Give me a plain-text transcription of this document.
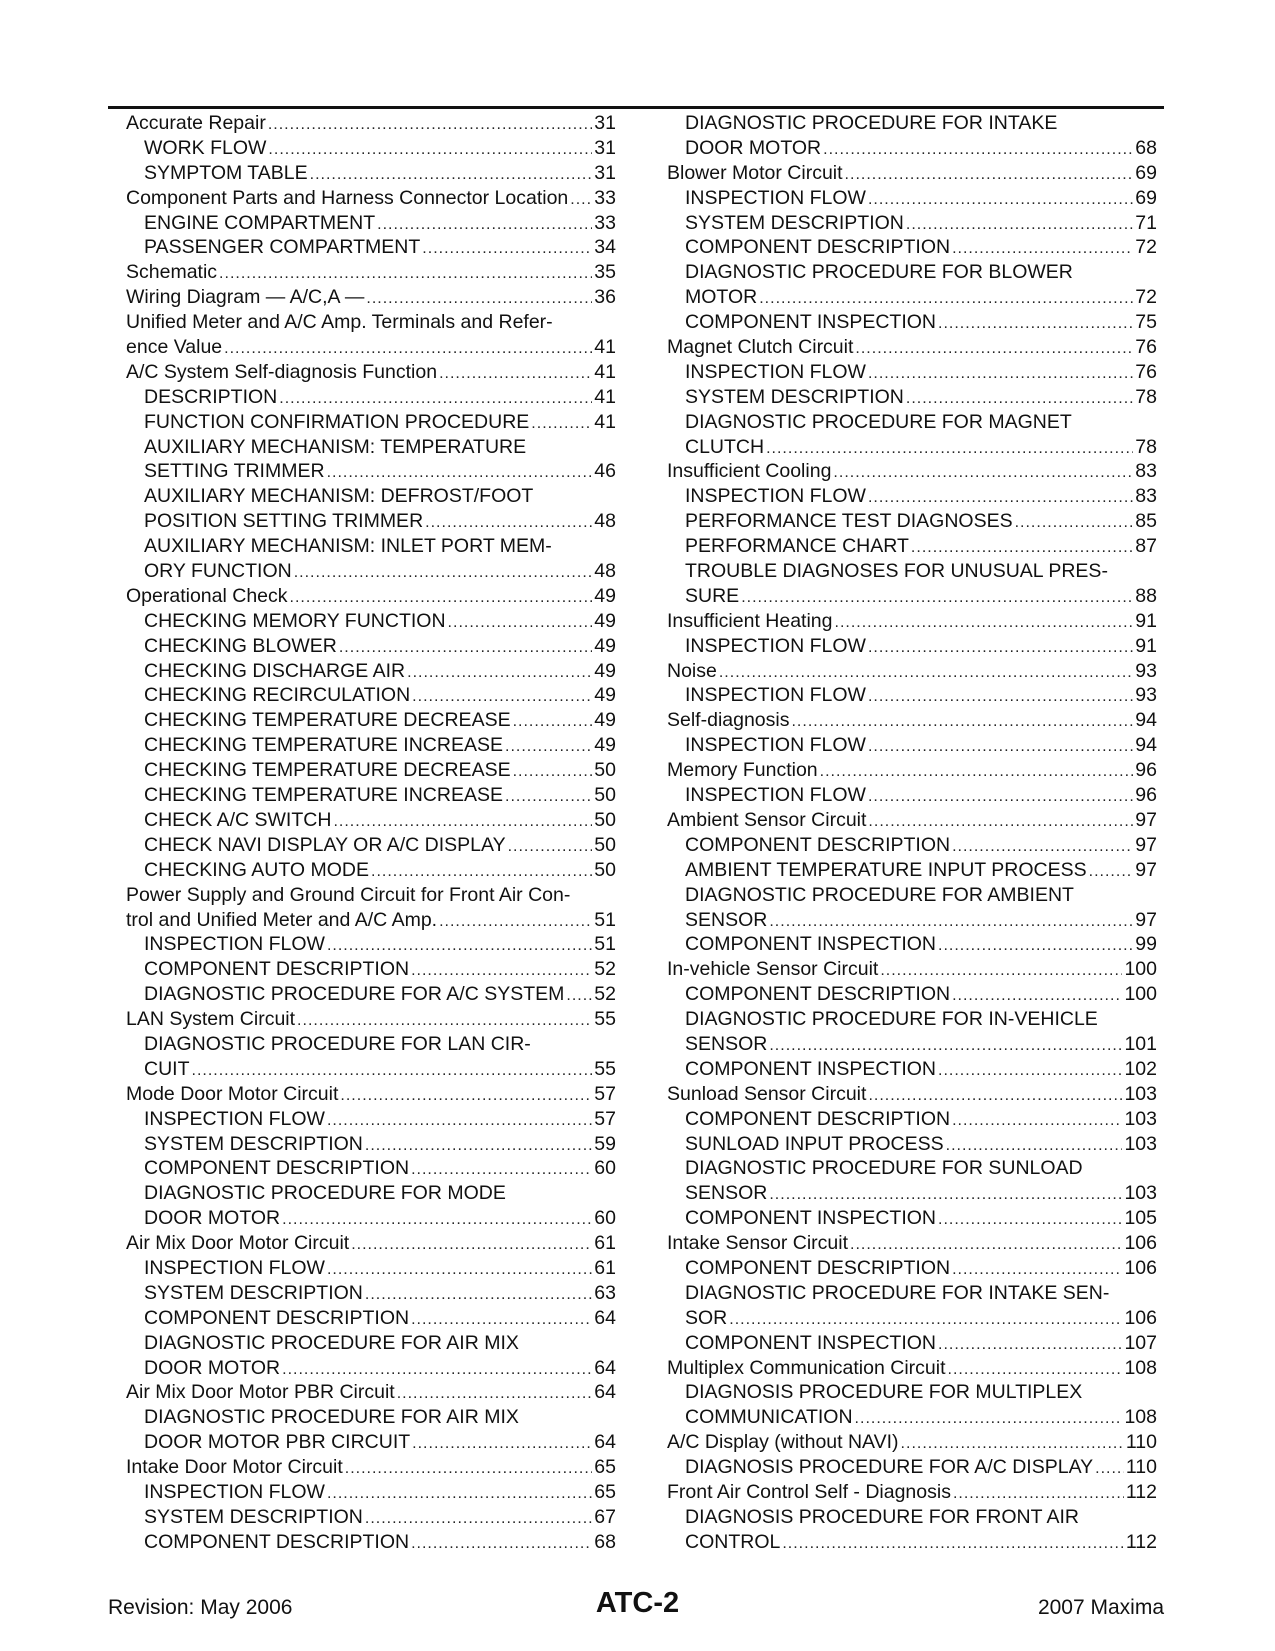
Accurate Repair .....	31
WORK FLOW .....	31
SYMPTOM TABLE .....	31
Component Parts and Harness Connector Location ..... 33
ENGINE COMPARTMENT .....	33
PASSENGER COMPARTMENT .....	34
Schematic .....	35
Wiring Diagram — A/C,A — .....	36
Unified Meter and A/C Amp. Terminals and Refer-
ence Value .....	41
A/C System Self-diagnosis Function .....	41
DESCRIPTION .....	41
FUNCTION CONFIRMATION PROCEDURE .....	41
AUXILIARY MECHANISM: TEMPERATURE
SETTING TRIMMER .....	46
AUXILIARY MECHANISM: DEFROST/FOOT
POSITION SETTING TRIMMER .....	48
AUXILIARY MECHANISM: INLET PORT MEM-
ORY FUNCTION .....	48
Operational Check .....	49
CHECKING MEMORY FUNCTION .....	49
CHECKING BLOWER .....	49
CHECKING DISCHARGE AIR .....	49
CHECKING RECIRCULATION .....	49
CHECKING TEMPERATURE DECREASE .....	49
CHECKING TEMPERATURE INCREASE .....	49
CHECKING TEMPERATURE DECREASE .....	50
CHECKING TEMPERATURE INCREASE .....	50
CHECK A/C SWITCH .....	50
CHECK NAVI DISPLAY OR A/C DISPLAY .....	50
CHECKING AUTO MODE .....	50
Power Supply and Ground Circuit for Front Air Con-
trol and Unified Meter and A/C Amp. .....	51
INSPECTION FLOW .....	51
COMPONENT DESCRIPTION .....	52
DIAGNOSTIC PROCEDURE FOR A/C SYSTEM ..... 52
LAN System Circuit .....	55
DIAGNOSTIC PROCEDURE FOR LAN CIR-
CUIT .....	55
Mode Door Motor Circuit .....	57
INSPECTION FLOW .....	57
SYSTEM DESCRIPTION .....	59
COMPONENT DESCRIPTION .....	60
DIAGNOSTIC PROCEDURE FOR MODE
DOOR MOTOR .....	60
Air Mix Door Motor Circuit .....	61
INSPECTION FLOW .....	61
SYSTEM DESCRIPTION .....	63
COMPONENT DESCRIPTION .....	64
DIAGNOSTIC PROCEDURE FOR AIR MIX
DOOR MOTOR .....	64
Air Mix Door Motor PBR Circuit .....	64
DIAGNOSTIC PROCEDURE FOR AIR MIX
DOOR MOTOR PBR CIRCUIT .....	64
Intake Door Motor Circuit .....	65
INSPECTION FLOW .....	65
SYSTEM DESCRIPTION .....	67
COMPONENT DESCRIPTION .....	68
DIAGNOSTIC PROCEDURE FOR INTAKE
DOOR MOTOR .....	68
Blower Motor Circuit .....	69
INSPECTION FLOW .....	69
SYSTEM DESCRIPTION .....	71
COMPONENT DESCRIPTION .....	72
DIAGNOSTIC PROCEDURE FOR BLOWER
MOTOR .....	72
COMPONENT INSPECTION .....	75
Magnet Clutch Circuit .....	76
INSPECTION FLOW .....	76
SYSTEM DESCRIPTION .....	78
DIAGNOSTIC PROCEDURE FOR MAGNET
CLUTCH .....	78
Insufficient Cooling .....	83
INSPECTION FLOW .....	83
PERFORMANCE TEST DIAGNOSES .....	85
PERFORMANCE CHART .....	87
TROUBLE DIAGNOSES FOR UNUSUAL PRES-
SURE .....	88
Insufficient Heating .....	91
INSPECTION FLOW .....	91
Noise .....	93
INSPECTION FLOW .....	93
Self-diagnosis .....	94
INSPECTION FLOW .....	94
Memory Function .....	96
INSPECTION FLOW .....	96
Ambient Sensor Circuit .....	97
COMPONENT DESCRIPTION .....	97
AMBIENT TEMPERATURE INPUT PROCESS ..... 97
DIAGNOSTIC PROCEDURE FOR AMBIENT
SENSOR .....	97
COMPONENT INSPECTION .....	99
In-vehicle Sensor Circuit .....	100
COMPONENT DESCRIPTION .....	100
DIAGNOSTIC PROCEDURE FOR IN-VEHICLE
SENSOR .....	101
COMPONENT INSPECTION .....	102
Sunload Sensor Circuit .....	103
COMPONENT DESCRIPTION .....	103
SUNLOAD INPUT PROCESS .....	103
DIAGNOSTIC PROCEDURE FOR SUNLOAD
SENSOR .....	103
COMPONENT INSPECTION .....	105
Intake Sensor Circuit .....	106
COMPONENT DESCRIPTION .....	106
DIAGNOSTIC PROCEDURE FOR INTAKE SEN-
SOR .....	106
COMPONENT INSPECTION .....	107
Multiplex Communication Circuit .....	108
DIAGNOSIS PROCEDURE FOR MULTIPLEX
COMMUNICATION .....	108
A/C Display (without NAVI) .....	110
DIAGNOSIS PROCEDURE FOR A/C DISPLAY ..... 110
Front Air Control Self - Diagnosis .....	112
DIAGNOSIS PROCEDURE FOR FRONT AIR
CONTROL .....	112
Revision: May 2006	ATC-2	2007 Maxima
